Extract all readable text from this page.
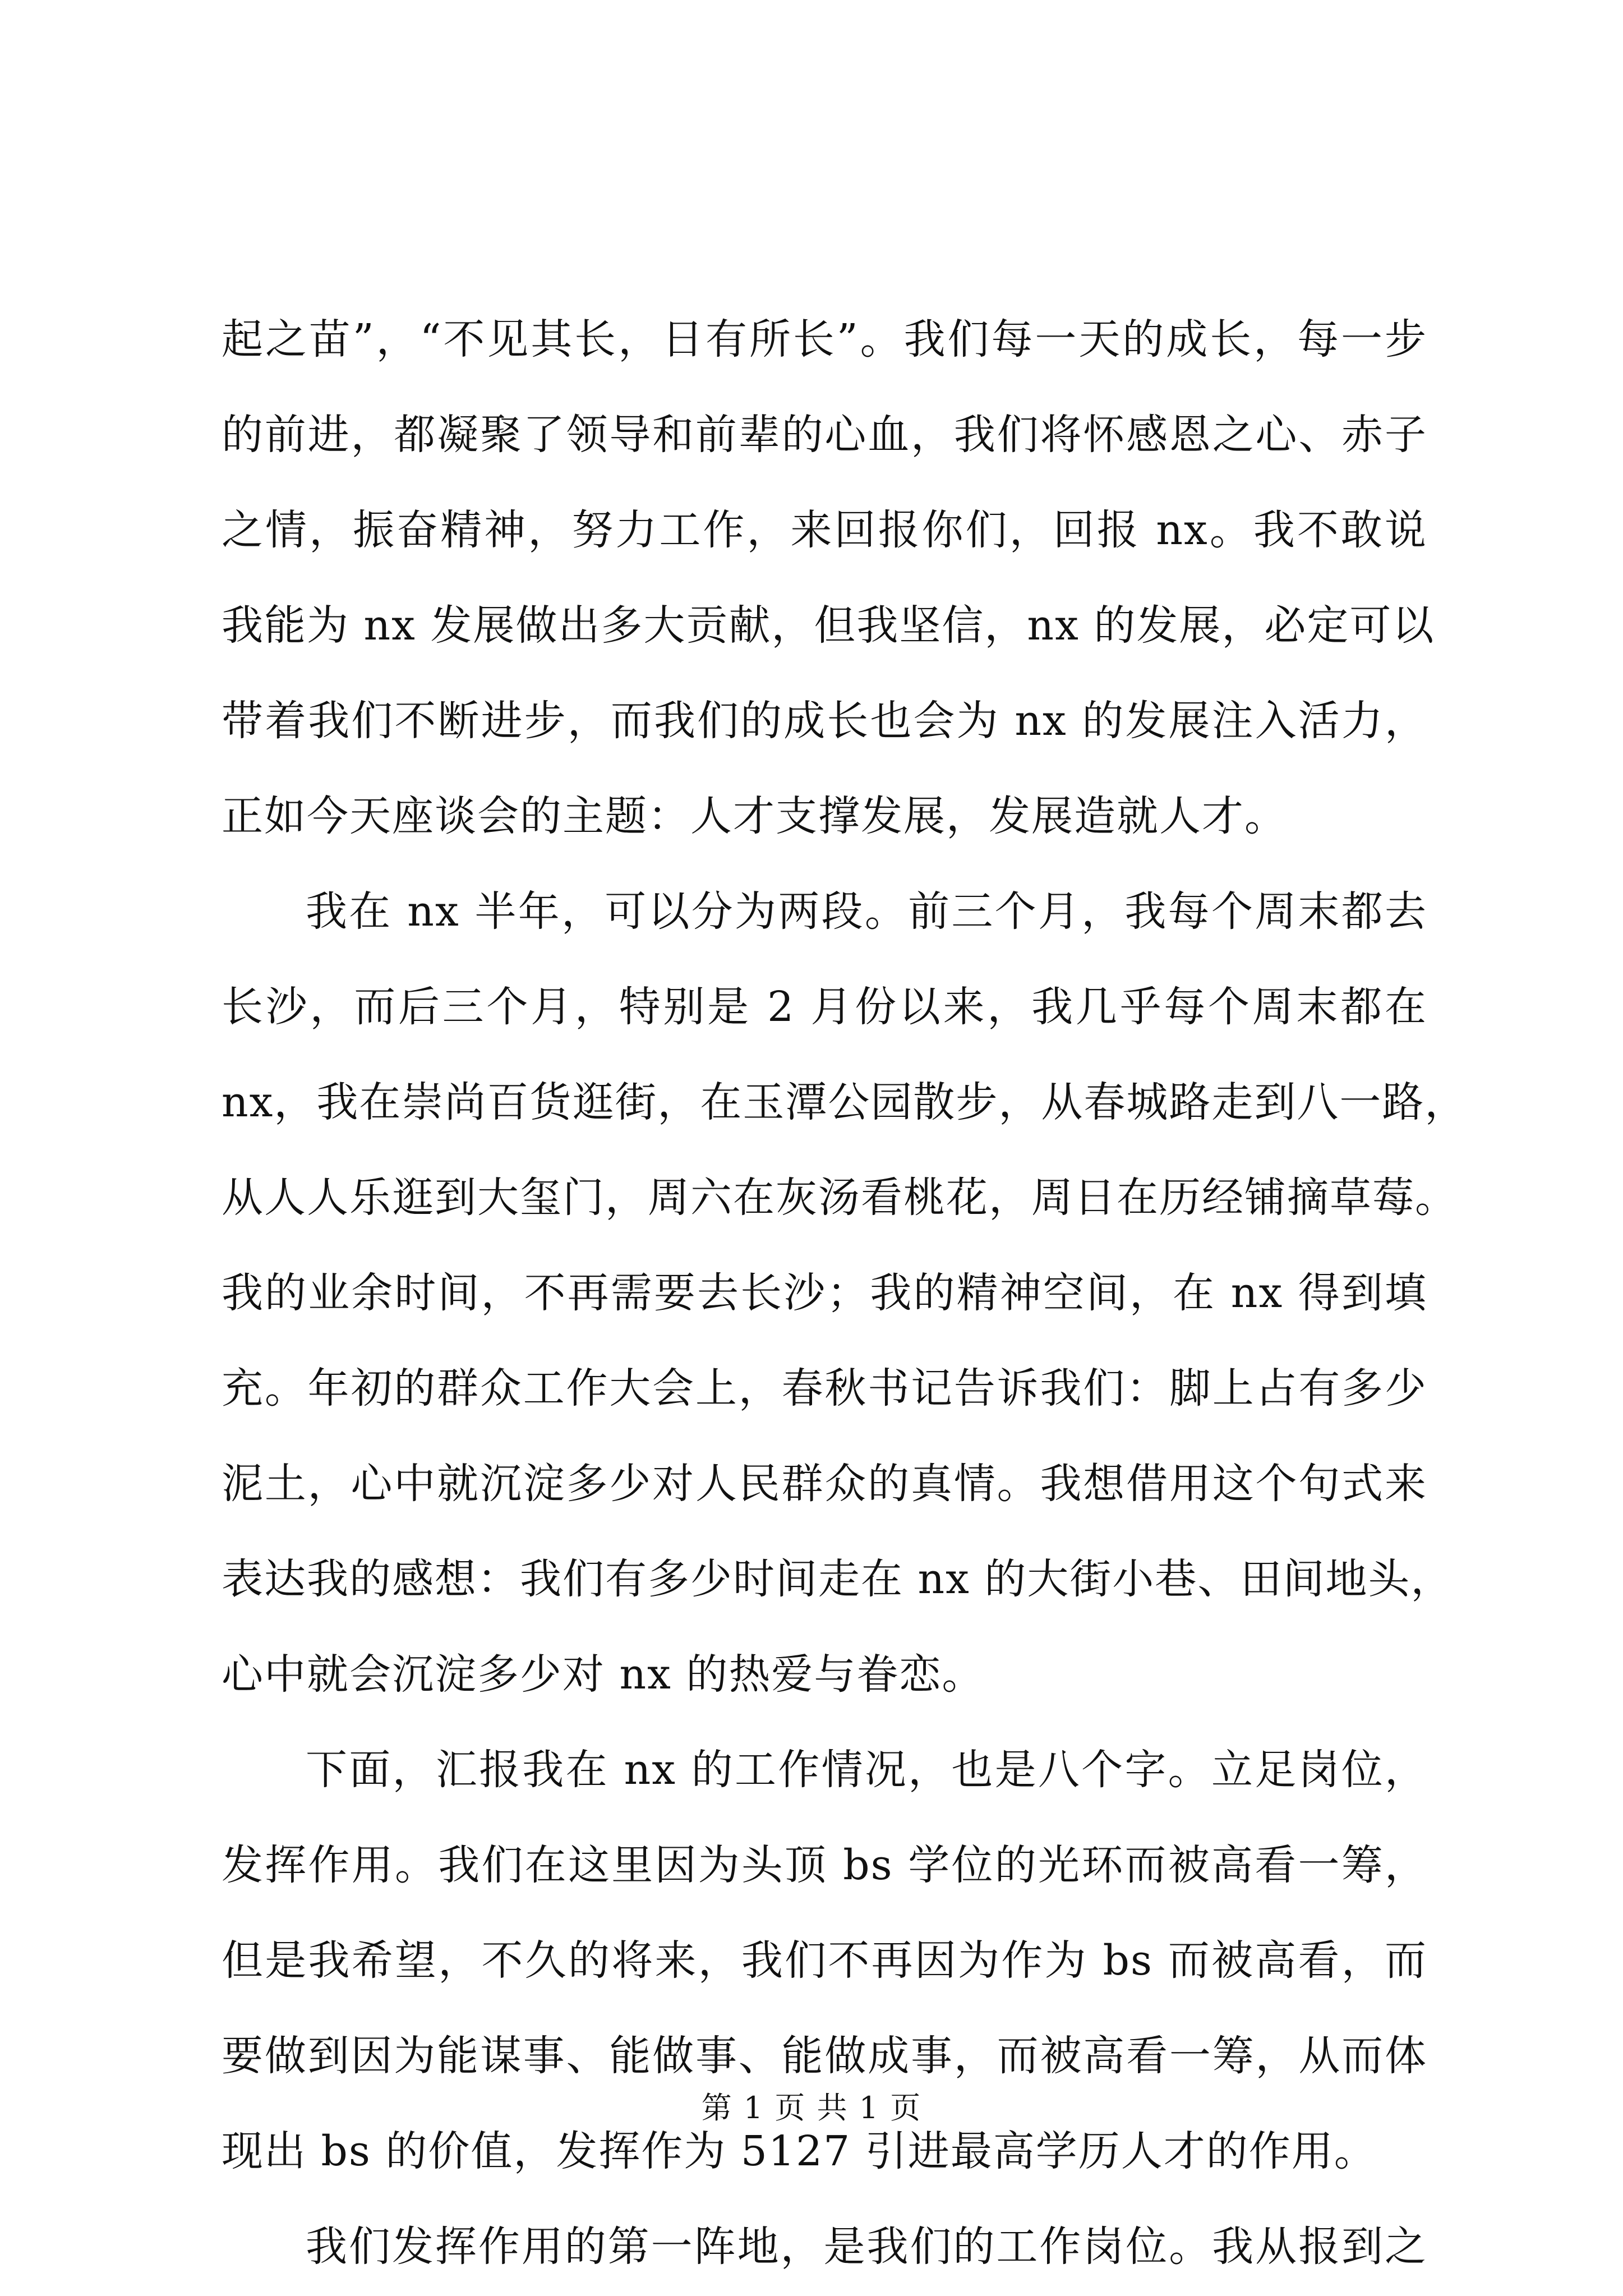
起之苗”，“不见其长，日有所长”。我们每一天的成长，每一步
的前进，都凝聚了领导和前辈的心血，我们将怀感恩之心、赤子
之情，振奋精神，努力工作，来回报你们，回报 nx。我不敢说
我能为 nx 发展做出多大贡献，但我坚信，nx 的发展，必定可以
带着我们不断进步，而我们的成长也会为 nx 的发展注入活力，
正如今天座谈会的主题：人才支撑发展，发展造就人才。
我在 nx 半年，可以分为两段。前三个月，我每个周末都去
长沙，而后三个月，特别是 2 月份以来，我几乎每个周末都在
nx，我在崇尚百货逛街，在玉潭公园散步，从春城路走到八一路，
从人人乐逛到大玺门，周六在灰汤看桃花，周日在历经铺摘草莓。
我的业余时间，不再需要去长沙；我的精神空间，在 nx 得到填
充。年初的群众工作大会上，春秋书记告诉我们：脚上占有多少
泥土，心中就沉淀多少对人民群众的真情。我想借用这个句式来
表达我的感想：我们有多少时间走在 nx 的大街小巷、田间地头，
心中就会沉淀多少对 nx 的热爱与眷恋。
下面，汇报我在 nx 的工作情况，也是八个字。立足岗位，
发挥作用。我们在这里因为头顶 bs 学位的光环而被高看一筹，
但是我希望，不久的将来，我们不再因为作为 bs 而被高看，而
要做到因为能谋事、能做事、能做成事，而被高看一筹，从而体
现出 bs 的价值，发挥作为 5127 引进最高学历人才的作用。
我们发挥作用的第一阵地，是我们的工作岗位。我从报到之
第 1 页 共 1 页
